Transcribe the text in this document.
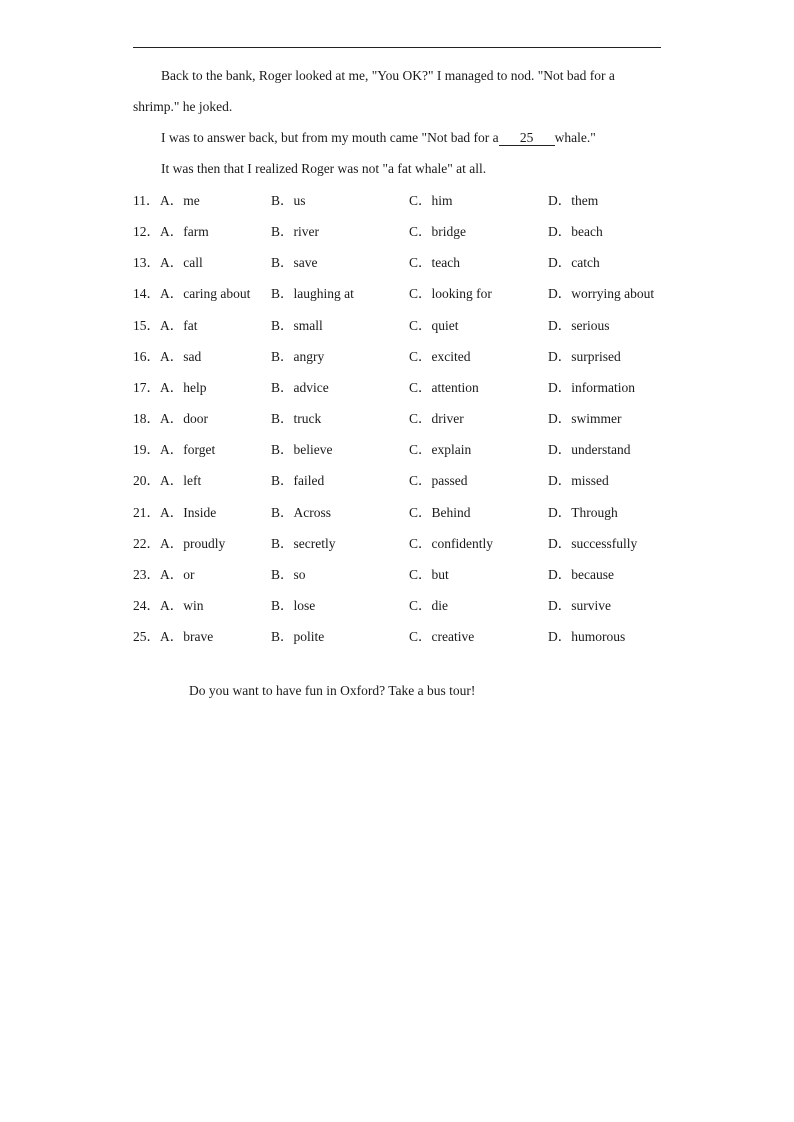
Back to the bank, Roger looked at me, "You OK?" I managed to nod. "Not bad for a
shrimp." he joked.
I was to answer back, but from my mouth came "Not bad for a 25 whale."
It was then that I realized Roger was not "a fat whale" at all.
11． A．me	B．us	C．him	D．them
12． A．farm	B．river	C．bridge	D．beach
13． A．call	B．save	C．teach	D．catch
14． A．caring about B．laughing at	C．looking for	D．worrying about
15． A．fat	B．small	C．quiet	D．serious
16． A．sad	B．angry	C．excited	D．surprised
17． A．help	B．advice	C．attention	D．information
18． A．door	B．truck	C．driver	D．swimmer
19． A．forget	B．believe	C．explain	D．understand
20． A．left	B．failed	C．passed	D．missed
21． A．Inside	B．Across	C．Behind	D．Through
22． A．proudly	B．secretly	C．confidently	D．successfully
23． A．or	B．so	C．but	D．because
24． A．win	B．lose	C．die	D．survive
25． A．brave	B．polite	C．creative	D．humorous
Do you want to have fun in Oxford? Take a bus tour!
